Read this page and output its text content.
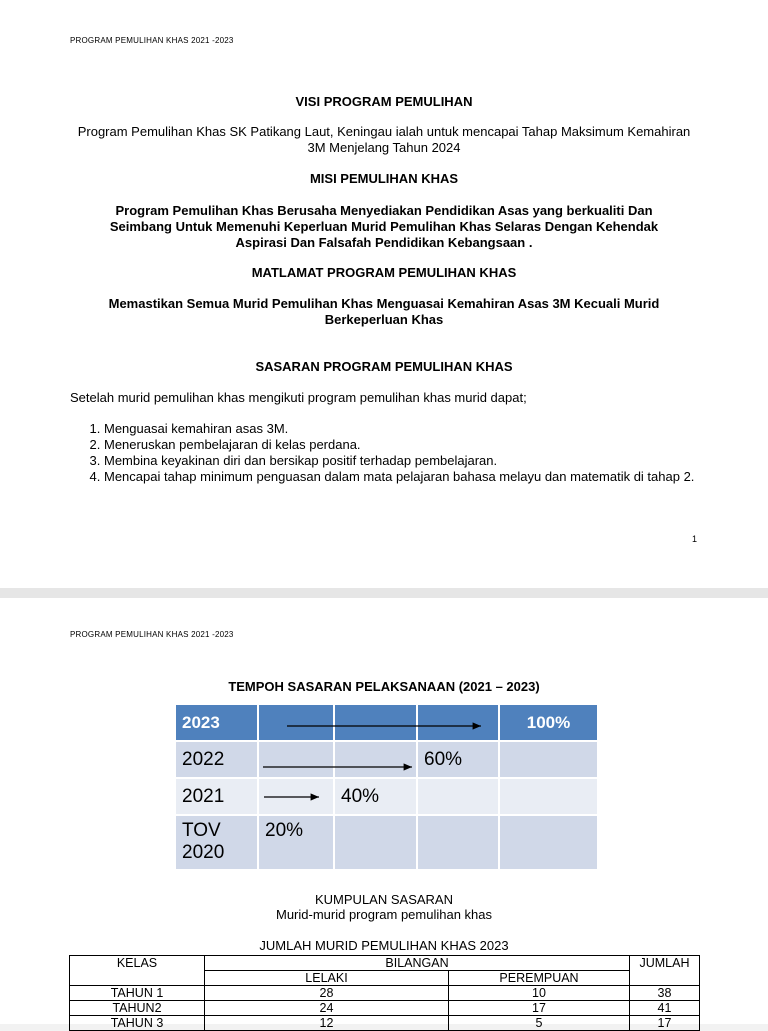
PROGRAM PEMULIHAN KHAS 2021 -2023
VISI PROGRAM PEMULIHAN
Program Pemulihan Khas SK Patikang Laut, Keningau ialah untuk mencapai Tahap Maksimum Kemahiran 3M Menjelang Tahun 2024
MISI PEMULIHAN KHAS
Program Pemulihan Khas Berusaha Menyediakan Pendidikan Asas yang berkualiti Dan Seimbang Untuk Memenuhi Keperluan Murid Pemulihan Khas Selaras Dengan Kehendak Aspirasi Dan Falsafah Pendidikan Kebangsaan .
MATLAMAT PROGRAM PEMULIHAN KHAS
Memastikan Semua Murid Pemulihan Khas Menguasai Kemahiran Asas 3M Kecuali Murid Berkeperluan Khas
SASARAN PROGRAM PEMULIHAN KHAS
Setelah murid pemulihan khas mengikuti program pemulihan khas murid dapat;
1. Menguasai kemahiran asas 3M.
2. Meneruskan pembelajaran di kelas perdana.
3. Membina keyakinan diri dan bersikap positif terhadap pembelajaran.
4. Mencapai tahap minimum penguasan dalam mata pelajaran bahasa melayu dan matematik di tahap 2.
1
PROGRAM PEMULIHAN KHAS 2021 -2023
TEMPOH SASARAN PELAKSANAAN (2021 – 2023)
2023				100%
2022			60%	
2021		40%		
TOV
2020	20%			
KUMPULAN SASARAN
Murid-murid program pemulihan khas
JUMLAH MURID PEMULIHAN KHAS 2023
KELAS	BILANGAN		JUMLAH
	LELAKI	PEREMPUAN	
TAHUN 1	28	10	38
TAHUN2	24	17	41
TAHUN 3	12	5	17
